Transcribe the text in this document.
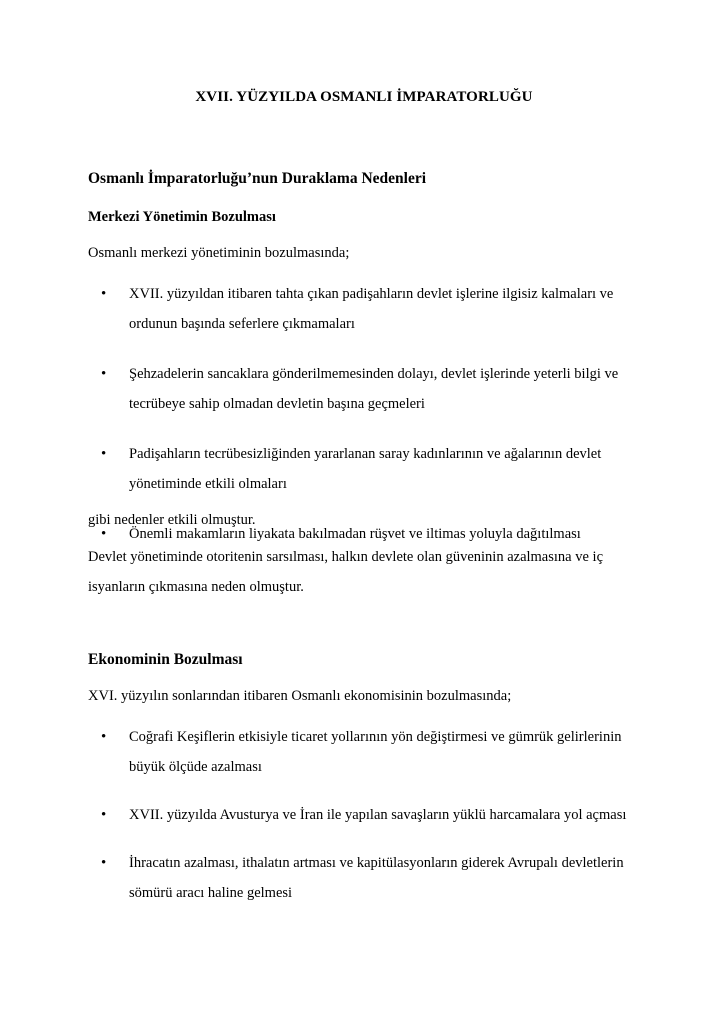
XVII. YÜZYILDA OSMANLI İMPARATORLUĞU
Osmanlı İmparatorluğu’nun Duraklama Nedenleri
Merkezi Yönetimin Bozulması
Osmanlı merkezi yönetiminin bozulmasında;
• XVII. yüzyıldan itibaren tahta çıkan padişahların devlet işlerine ilgisiz kalmaları ve
ordunun başında seferlere çıkmamaları
• Şehzadelerin sancaklara gönderilmemesinden dolayı, devlet işlerinde yeterli bilgi ve
tecrübeye sahip olmadan devletin başına geçmeleri
• Padişahların tecrübesizliğinden yararlanan saray kadınlarının ve ağalarının devlet
yönetiminde etkili olmaları
• Önemli makamların liyakata bakılmadan rüşvet ve iltimas yoluyla dağıtılması
gibi nedenler etkili olmuştur.
Devlet yönetiminde otoritenin sarsılması, halkın devlete olan güveninin azalmasına ve iç
isyanların çıkmasına neden olmuştur.
Ekonominin Bozulması
XVI. yüzyılın sonlarından itibaren Osmanlı ekonomisinin bozulmasında;
• Coğrafi Keşiflerin etkisiyle ticaret yollarının yön değiştirmesi ve gümrük gelirlerinin
büyük ölçüde azalması
• XVII. yüzyılda Avusturya ve İran ile yapılan savaşların yüklü harcamalara yol açması
• İhracatın azalması, ithalatın artması ve kapitülasyonların giderek Avrupalı devletlerin
sömürü aracı haline gelmesi
